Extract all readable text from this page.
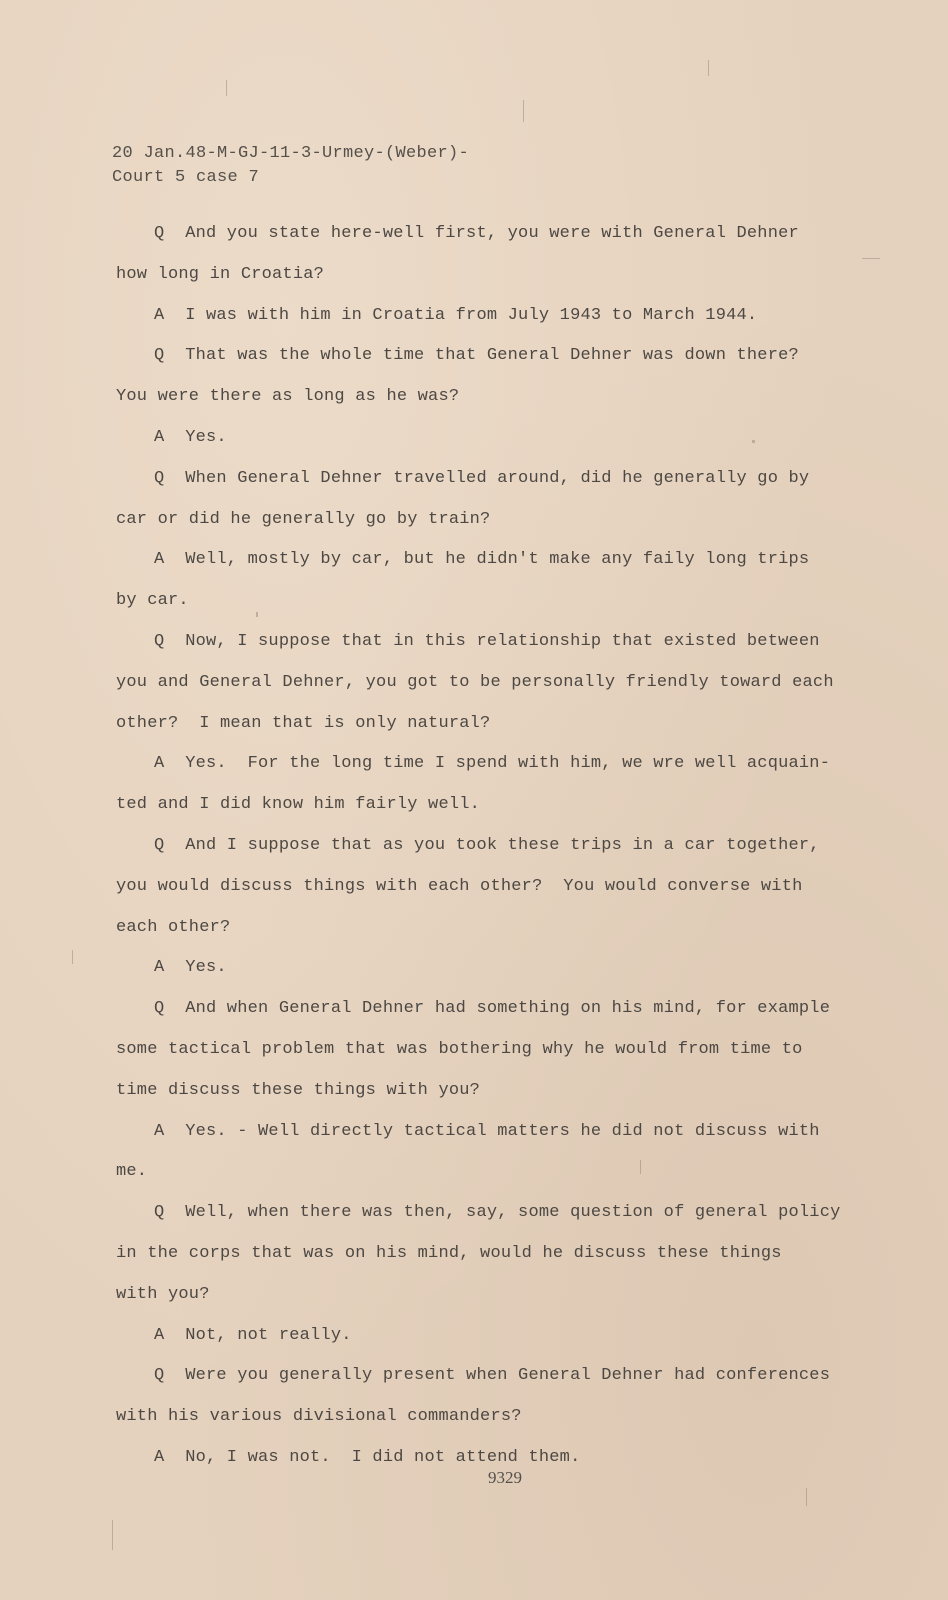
20 Jan.48-M-GJ-11-3-Urmey-(Weber)-
Court 5 case 7
Q  And you state here-well first, you were with General Dehner
how long in Croatia?
A  I was with him in Croatia from July 1943 to March 1944.
Q  That was the whole time that General Dehner was down there?
You were there as long as he was?
A  Yes.
Q  When General Dehner travelled around, did he generally go by
car or did he generally go by train?
A  Well, mostly by car, but he didn't make any faily long trips
by car.
Q  Now, I suppose that in this relationship that existed between
you and General Dehner, you got to be personally friendly toward each
other?  I mean that is only natural?
A  Yes.  For the long time I spend with him, we wre well acquain-
ted and I did know him fairly well.
Q  And I suppose that as you took these trips in a car together,
you would discuss things with each other?  You would converse with
each other?
A  Yes.
Q  And when General Dehner had something on his mind, for example
some tactical problem that was bothering why he would from time to
time discuss these things with you?
A  Yes. - Well directly tactical matters he did not discuss with
me.
Q  Well, when there was then, say, some question of general policy
in the corps that was on his mind, would he discuss these things
with you?
A  Not, not really.
Q  Were you generally present when General Dehner had conferences
with his various divisional commanders?
A  No, I was not.  I did not attend them.
9329
